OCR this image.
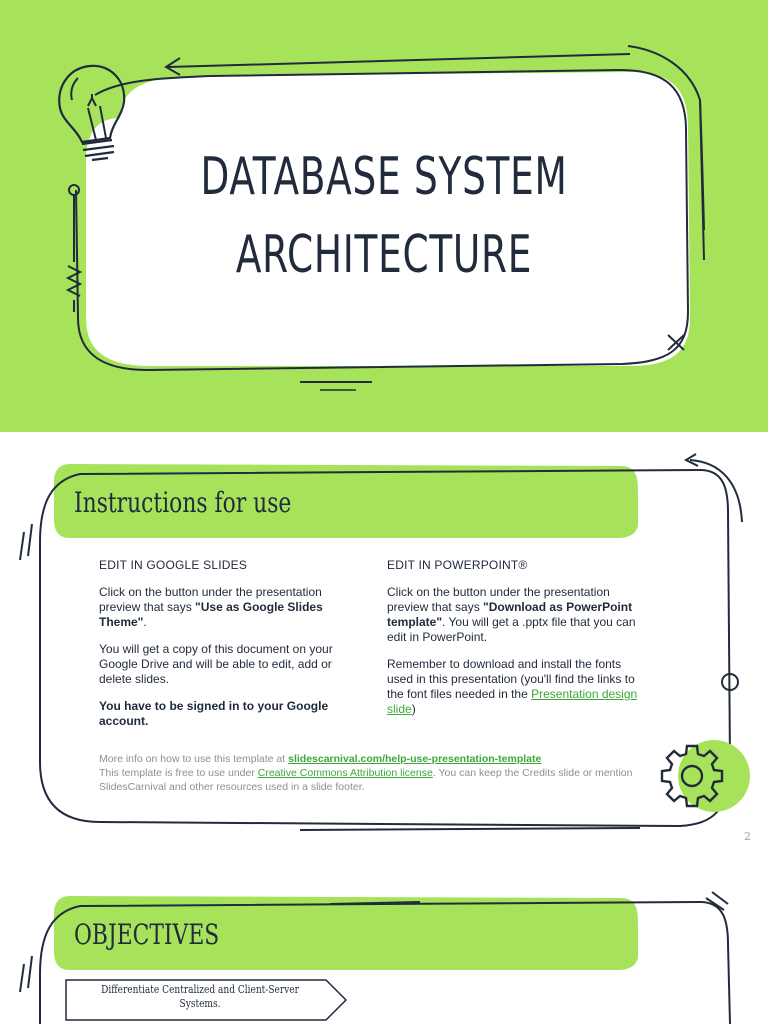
DATABASE SYSTEM
ARCHITECTURE
Instructions for use
EDIT IN GOOGLE SLIDES

Click on the button under the presentation preview that says "Use as Google Slides Theme".

You will get a copy of this document on your Google Drive and will be able to edit, add or delete slides.

You have to be signed in to your Google account.

EDIT IN POWERPOINT®

Click on the button under the presentation preview that says "Download as PowerPoint template". You will get a .pptx file that you can edit in PowerPoint.

Remember to download and install the fonts used in this presentation (you'll find the links to the font files needed in the Presentation design slide)

More info on how to use this template at slidescarnival.com/help-use-presentation-template
This template is free to use under Creative Commons Attribution license. You can keep the Credits slide or mention SlidesCarnival and other resources used in a slide footer.
2
OBJECTIVES
Differentiate Centralized and Client-Server Systems.
